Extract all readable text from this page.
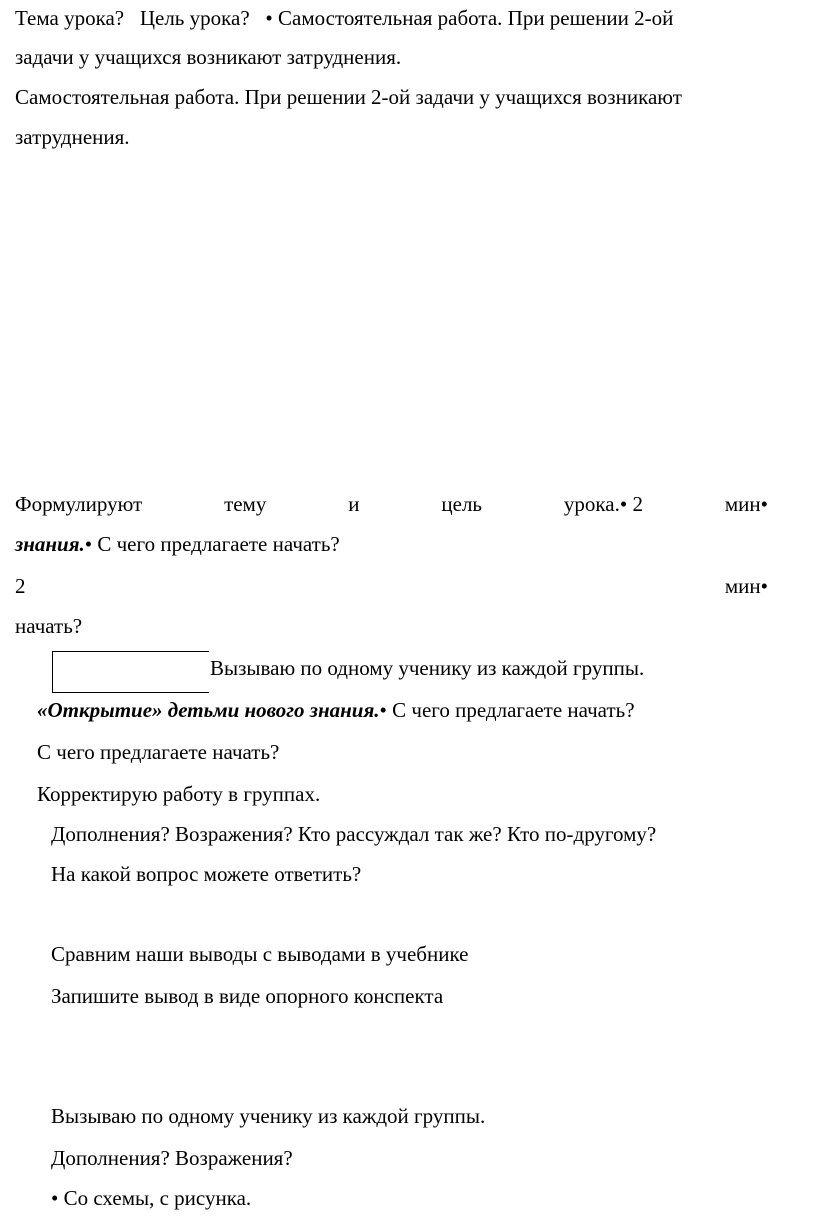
Тема урока? Цель урока? • Самостоятельная работа. При решении 2-ой
задачи у учащихся возникают затруднения.
Самостоятельная работа. При решении 2-ой задачи у учащихся возникают
затруднения.
Формулируют	тему	и	цель	урока.• 2	мин•
знания.• С чего предлагаете начать?
2	мин•
начать?
Вызываю по одному ученику из каждой группы.
«Открытие» детьми нового знания.• С чего предлагаете начать?
С чего предлагаете начать?
Корректирую работу в группах.
Дополнения? Возражения? Кто рассуждал так же? Кто по-другому?
На какой вопрос можете ответить?
Сравним наши выводы с выводами в учебнике
Запишите вывод в виде опорного конспекта
Вызываю по одному ученику из каждой группы.
Дополнения? Возражения?
• Со схемы, с рисунка.
